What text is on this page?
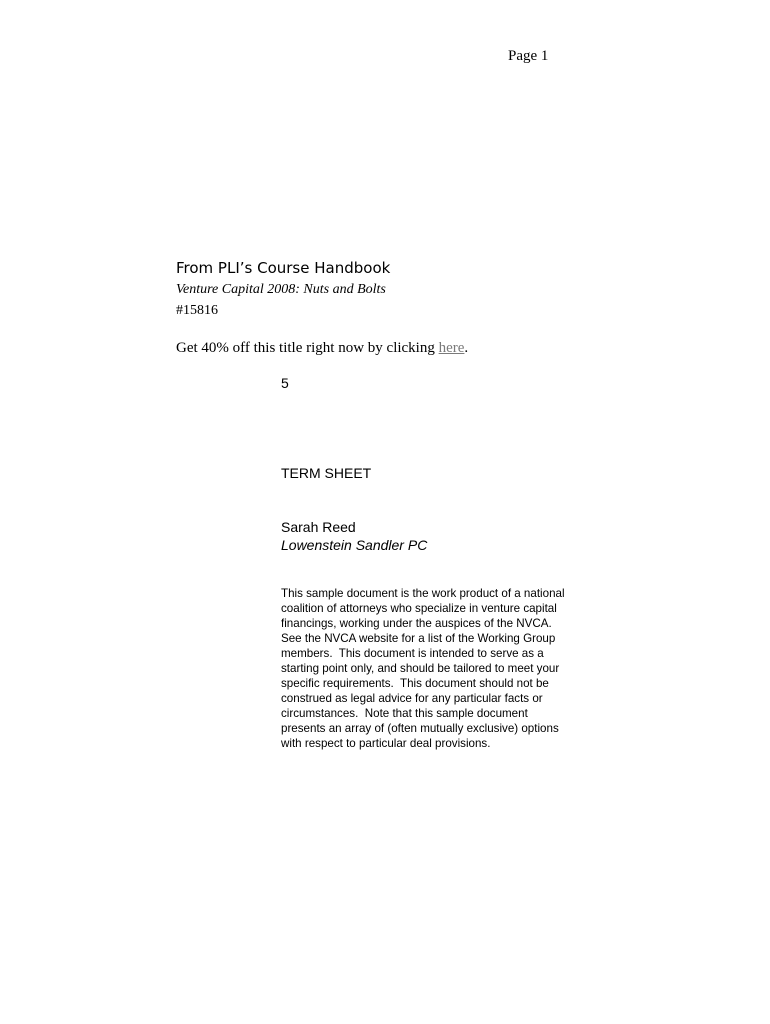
Page 1
From PLI’s Course Handbook
Venture Capital 2008: Nuts and Bolts
#15816
Get 40% off this title right now by clicking here.
5
TERM SHEET
Sarah Reed
Lowenstein Sandler PC
This sample document is the work product of a national
coalition of attorneys who specialize in venture capital
financings, working under the auspices of the NVCA.
See the NVCA website for a list of the Working Group
members.  This document is intended to serve as a
starting point only, and should be tailored to meet your
specific requirements.  This document should not be
construed as legal advice for any particular facts or
circumstances.  Note that this sample document
presents an array of (often mutually exclusive) options
with respect to particular deal provisions.
